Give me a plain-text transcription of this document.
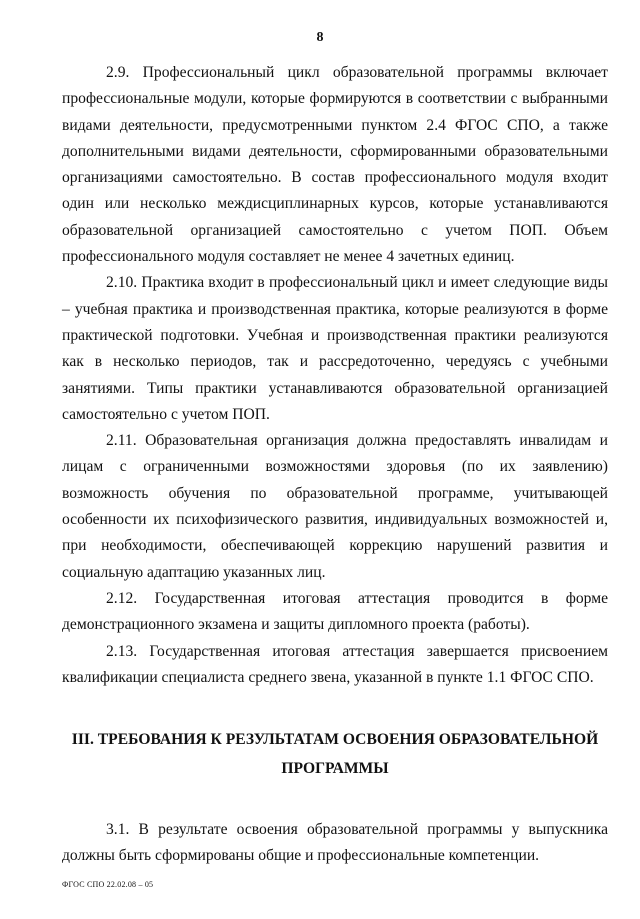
8

2.9. Профессиональный цикл образовательной программы включает профессиональные модули, которые формируются в соответствии с выбранными видами деятельности, предусмотренными пунктом 2.4 ФГОС СПО, а также дополнительными видами деятельности, сформированными образовательными организациями самостоятельно. В состав профессионального модуля входит один или несколько междисциплинарных курсов, которые устанавливаются образовательной организацией самостоятельно с учетом ПОП. Объем профессионального модуля составляет не менее 4 зачетных единиц.

2.10. Практика входит в профессиональный цикл и имеет следующие виды – учебная практика и производственная практика, которые реализуются в форме практической подготовки. Учебная и производственная практики реализуются как в несколько периодов, так и рассредоточенно, чередуясь с учебными занятиями. Типы практики устанавливаются образовательной организацией самостоятельно с учетом ПОП.

2.11. Образовательная организация должна предоставлять инвалидам и лицам с ограниченными возможностями здоровья (по их заявлению) возможность обучения по образовательной программе, учитывающей особенности их психофизического развития, индивидуальных возможностей и, при необходимости, обеспечивающей коррекцию нарушений развития и социальную адаптацию указанных лиц.

2.12. Государственная итоговая аттестация проводится в форме демонстрационного экзамена и защиты дипломного проекта (работы).

2.13. Государственная итоговая аттестация завершается присвоением квалификации специалиста среднего звена, указанной в пункте 1.1 ФГОС СПО.

III. ТРЕБОВАНИЯ К РЕЗУЛЬТАТАМ ОСВОЕНИЯ ОБРАЗОВАТЕЛЬНОЙ ПРОГРАММЫ

3.1. В результате освоения образовательной программы у выпускника должны быть сформированы общие и профессиональные компетенции.

ФГОС СПО 22.02.08 – 05
